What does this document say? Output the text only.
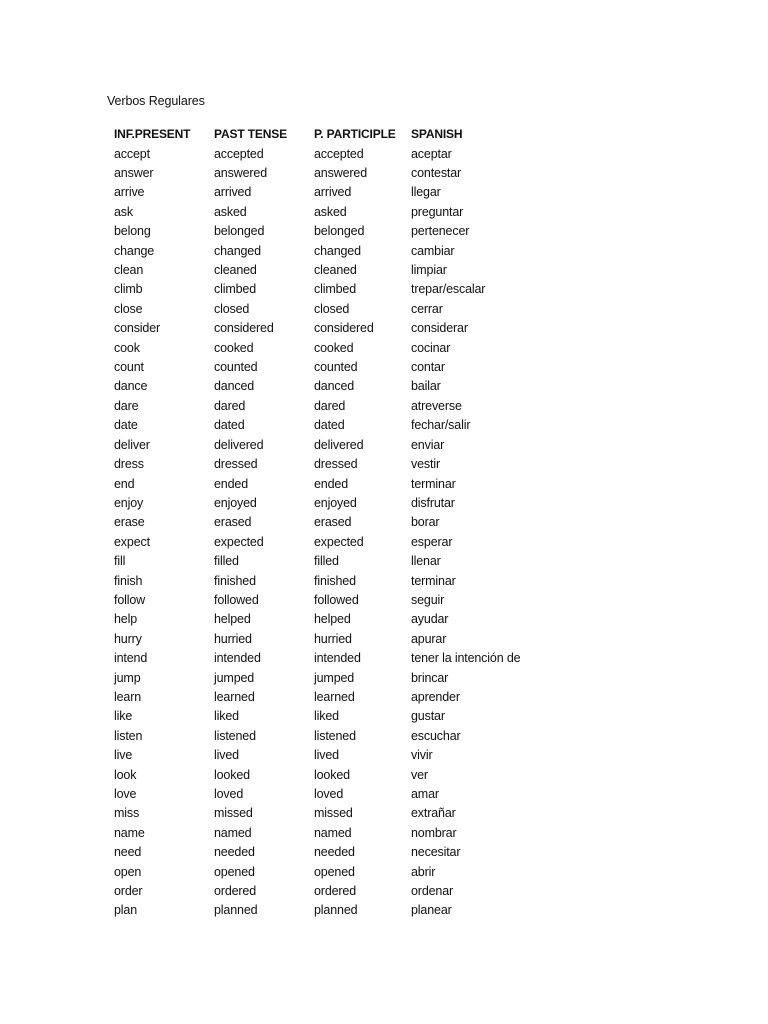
Verbos Regulares
INF.PRESENT	PAST TENSE	P. PARTICIPLE	SPANISH
accept	accepted	accepted	aceptar
answer	answered	answered	contestar
arrive	arrived	arrived	llegar
ask	asked	asked	preguntar
belong	belonged	belonged	pertenecer
change	changed	changed	cambiar
clean	cleaned	cleaned	limpiar
climb	climbed	climbed	trepar/escalar
close	closed	closed	cerrar
consider	considered	considered	considerar
cook	cooked	cooked	cocinar
count	counted	counted	contar
dance	danced	danced	bailar
dare	dared	dared	atreverse
date	dated	dated	fechar/salir
deliver	delivered	delivered	enviar
dress	dressed	dressed	vestir
end	ended	ended	terminar
enjoy	enjoyed	enjoyed	disfrutar
erase	erased	erased	borar
expect	expected	expected	esperar
fill	filled	filled	llenar
finish	finished	finished	terminar
follow	followed	followed	seguir
help	helped	helped	ayudar
hurry	hurried	hurried	apurar
intend	intended	intended	tener la intención de
jump	jumped	jumped	brincar
learn	learned	learned	aprender
like	liked	liked	gustar
listen	listened	listened	escuchar
live	lived	lived	vivir
look	looked	looked	ver
love	loved	loved	amar
miss	missed	missed	extrañar
name	named	named	nombrar
need	needed	needed	necesitar
open	opened	opened	abrir
order	ordered	ordered	ordenar
plan	planned	planned	planear
